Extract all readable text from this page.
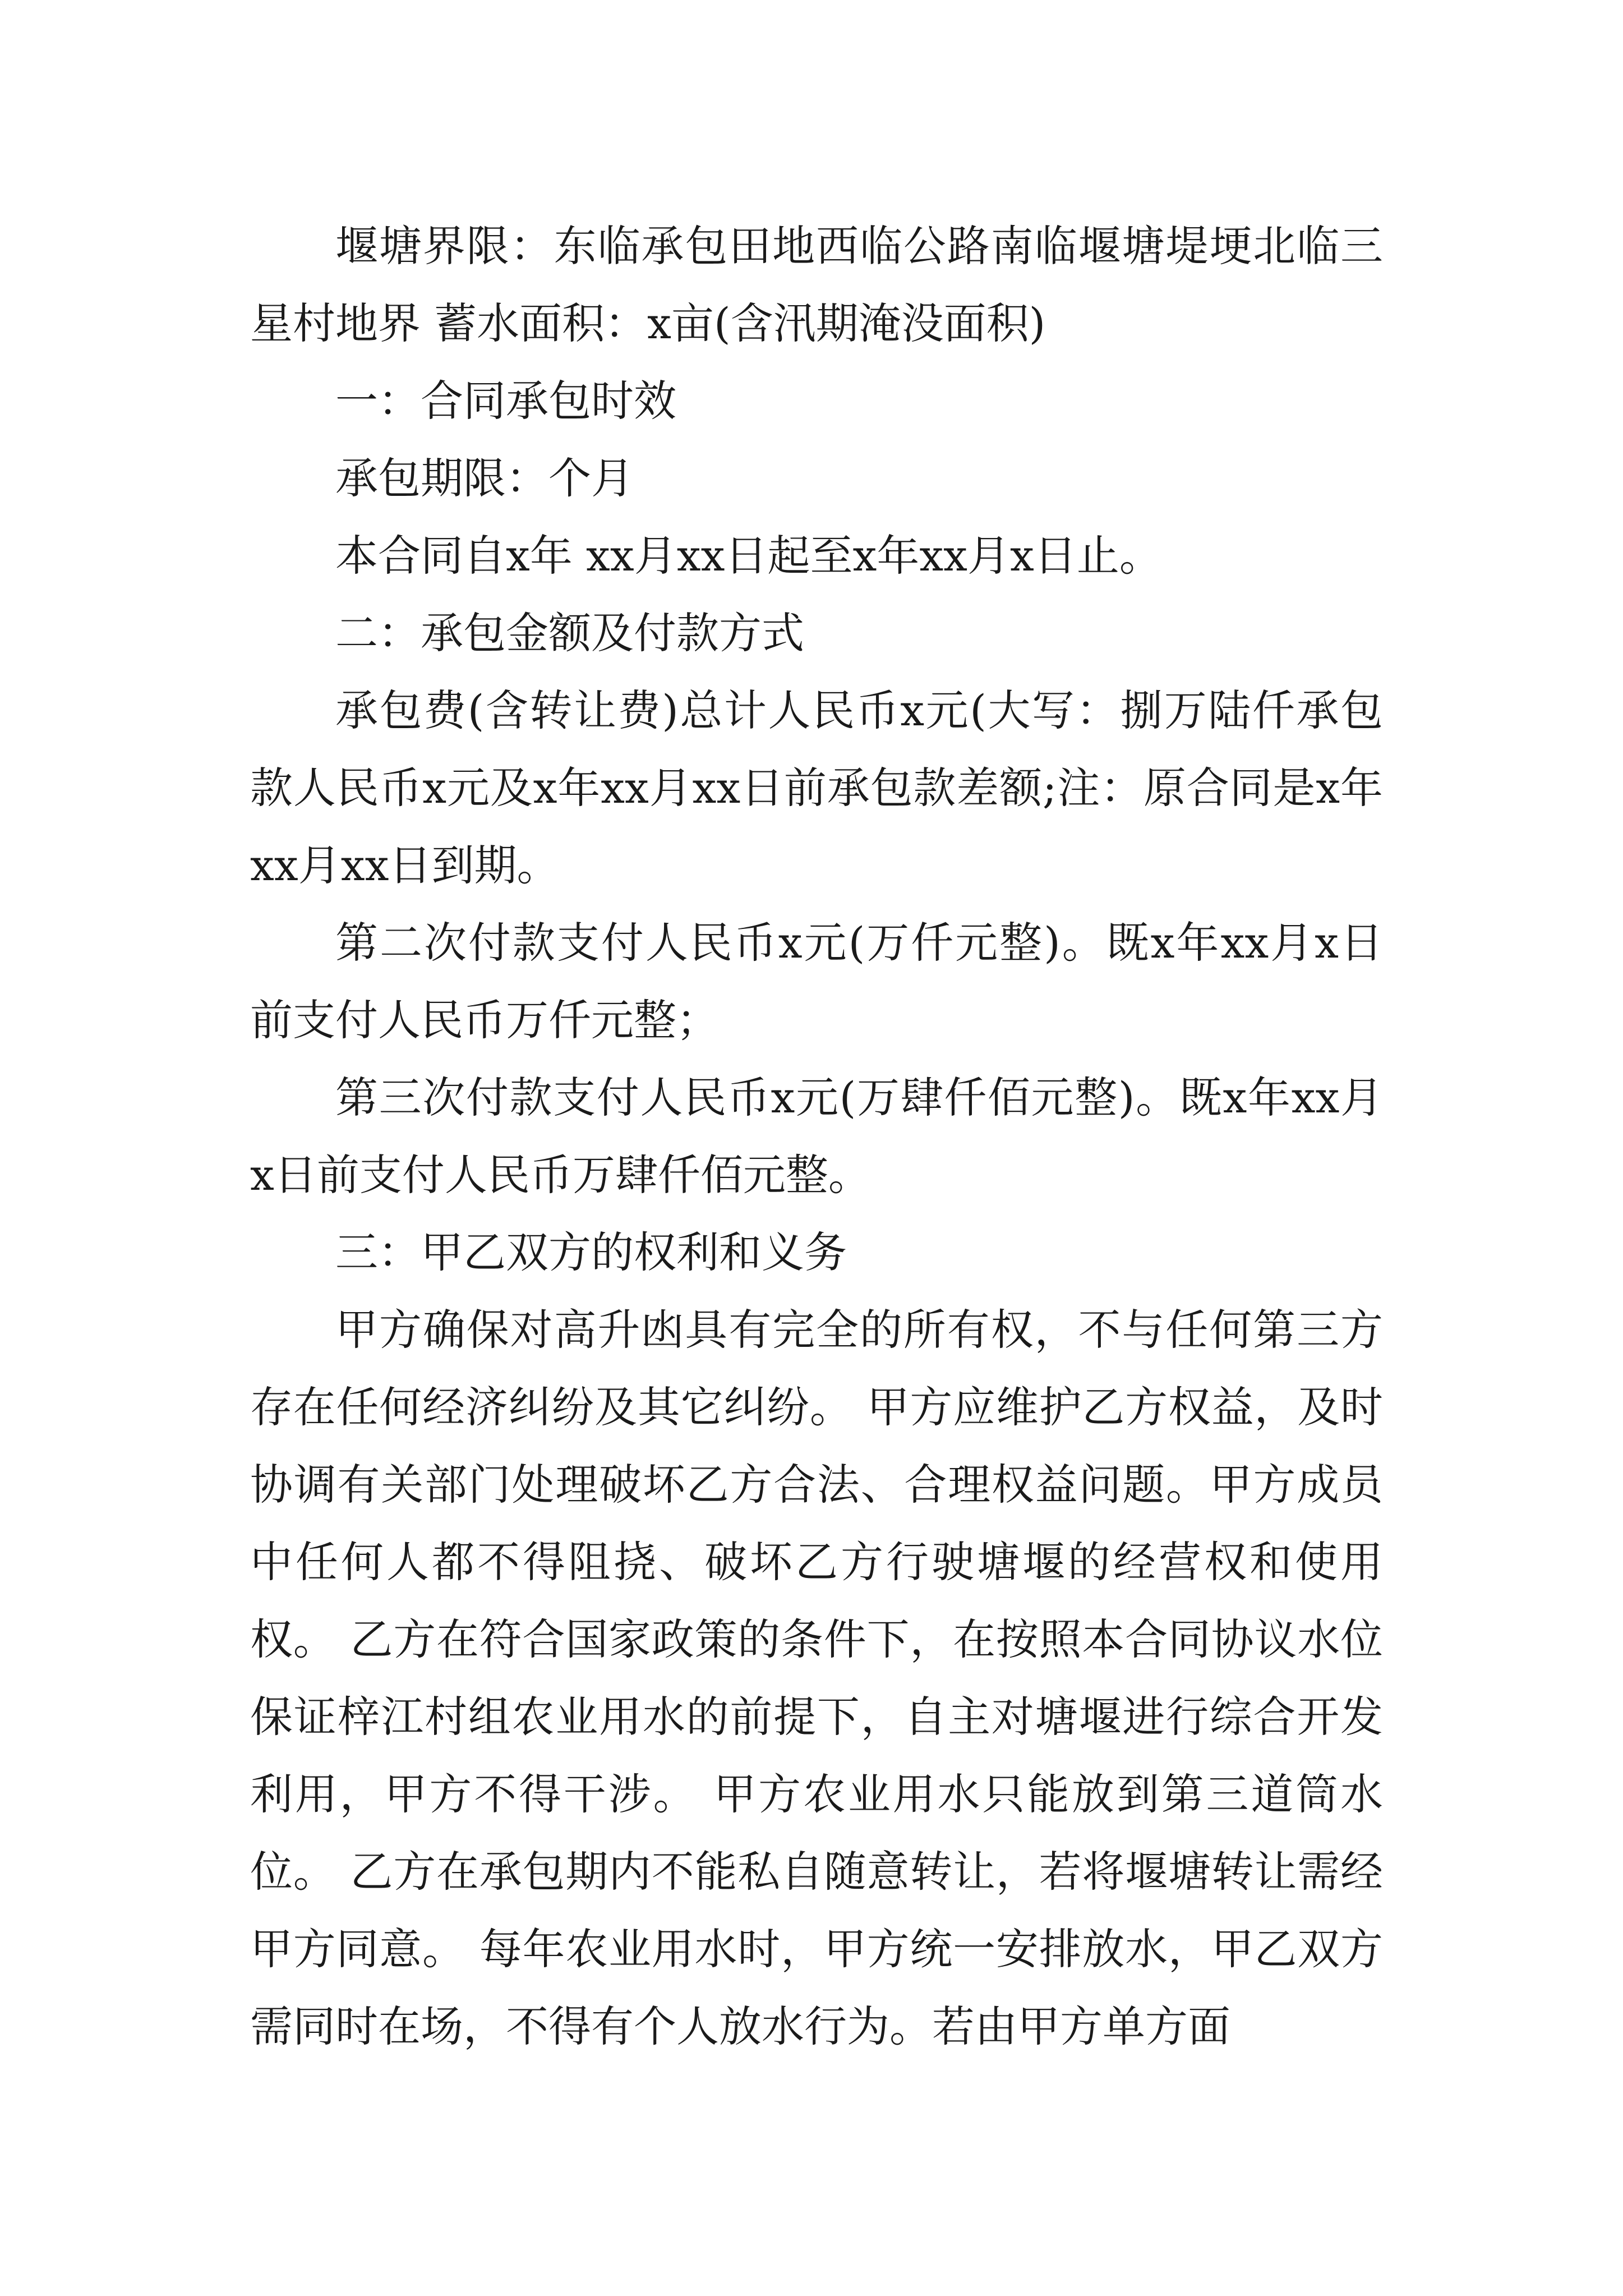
堰塘界限：东临承包田地西临公路南临堰塘堤埂北临三星村地界 蓄水面积：x亩(含汛期淹没面积)

一：合同承包时效

承包期限：个月

本合同自x年 xx月xx日起至x年xx月x日止。

二：承包金额及付款方式

承包费(含转让费)总计人民币x元(大写：捌万陆仟承包款人民币x元及x年xx月xx日前承包款差额;注：原合同是x年xx月xx日到期。

第二次付款支付人民币x元(万仟元整)。既x年xx月x日前支付人民币万仟元整；

第三次付款支付人民币x元(万肆仟佰元整)。既x年xx月x日前支付人民币万肆仟佰元整。

三：甲乙双方的权利和义务

甲方确保对高升凼具有完全的所有权，不与任何第三方存在任何经济纠纷及其它纠纷。 甲方应维护乙方权益，及时协调有关部门处理破坏乙方合法、合理权益问题。甲方成员中任何人都不得阻挠、破坏乙方行驶塘堰的经营权和使用权。 乙方在符合国家政策的条件下，在按照本合同协议水位保证梓江村组农业用水的前提下，自主对塘堰进行综合开发利用，甲方不得干涉。 甲方农业用水只能放到第三道筒水位。 乙方在承包期内不能私自随意转让，若将堰塘转让需经甲方同意。 每年农业用水时，甲方统一安排放水，甲乙双方需同时在场，不得有个人放水行为。若由甲方单方面
